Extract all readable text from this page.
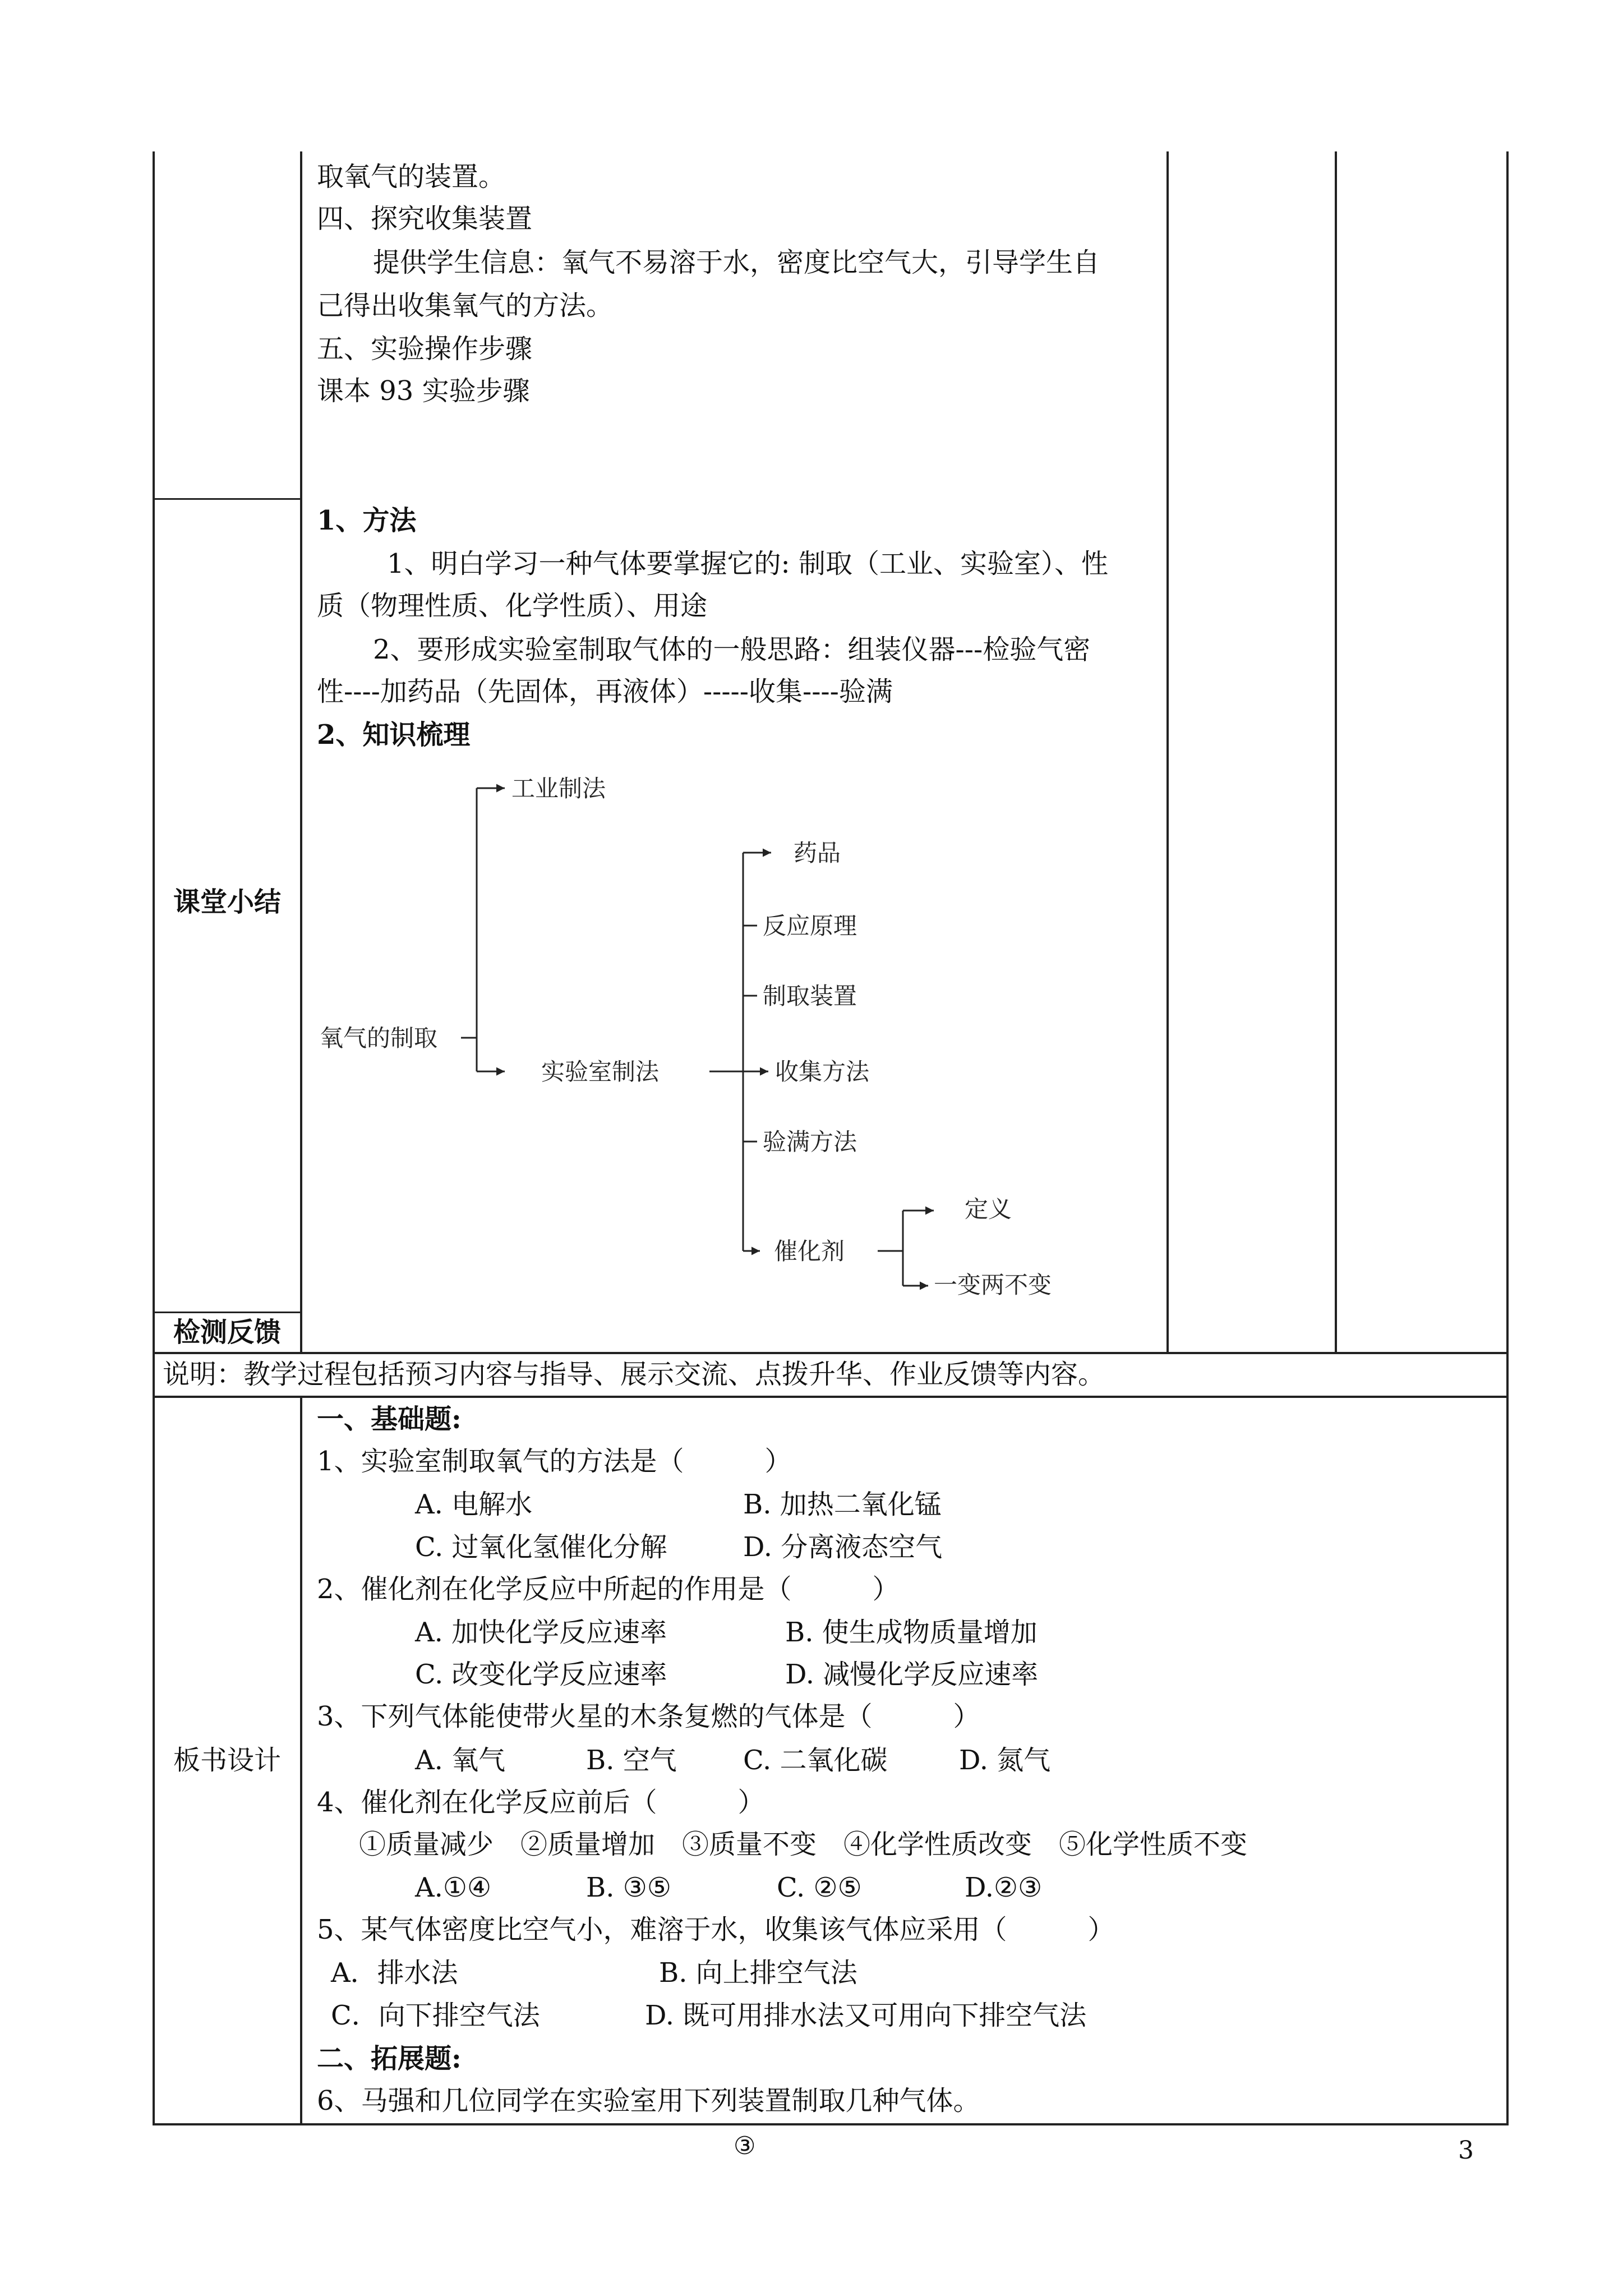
取氧气的装置。
四、探究收集装置
提供学生信息：氧气不易溶于水，密度比空气大，引导学生自
己得出收集氧气的方法。
五、实验操作步骤
课本 93 实验步骤
课堂小结
1、方法
1、明白学习一种气体要掌握它的: 制取（工业、实验室）、性
质（物理性质、化学性质）、用途
2、要形成实验室制取气体的一般思路：组装仪器---检验气密
性----加药品（先固体，再液体）-----收集----验满
2、知识梳理
氧气的制取
工业制法
实验室制法
药品
反应原理
制取装置
收集方法
验满方法
催化剂
定义
一变两不变
检测反馈
说明：教学过程包括预习内容与指导、展示交流、点拨升华、作业反馈等内容。
板书设计
一、基础题:
1、实验室制取氧气的方法是（　　　）
A. 电解水	B. 加热二氧化锰
C. 过氧化氢催化分解	D. 分离液态空气
2、催化剂在化学反应中所起的作用是（　　　）
A. 加快化学反应速率	B. 使生成物质量增加
C. 改变化学反应速率	D. 减慢化学反应速率
3、下列气体能使带火星的木条复燃的气体是（　　　）
A. 氧气	B. 空气 C. 二氧化碳	D. 氮气
4、催化剂在化学反应前后（　　　）
①质量减少　②质量增加　③质量不变　④化学性质改变　⑤化学性质不变
A.①④	B. ③⑤	C. ②⑤	D.②③
5、某气体密度比空气小，难溶于水，收集该气体应采用（　　　）
A．排水法	B. 向上排空气法
C．向下排空气法	D. 既可用排水法又可用向下排空气法
二、拓展题:
6、马强和几位同学在实验室用下列装置制取几种气体。
③	3
